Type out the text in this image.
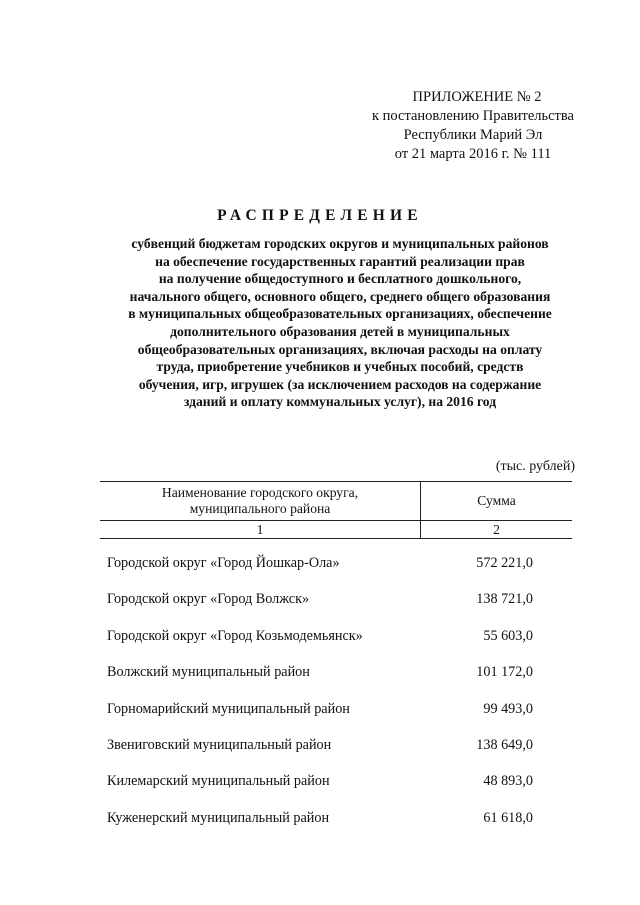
ПРИЛОЖЕНИЕ № 2
к постановлению Правительства
Республики Марий Эл
от 21 марта 2016 г. № 111
РАСПРЕДЕЛЕНИЕ
субвенций бюджетам городских округов и муниципальных районов
на обеспечение государственных гарантий реализации прав
на получение общедоступного и бесплатного дошкольного,
начального общего, основного общего, среднего общего образования
в муниципальных общеобразовательных организациях, обеспечение
дополнительного образования детей в муниципальных
общеобразовательных организациях, включая расходы на оплату
труда, приобретение учебников и учебных пособий, средств
обучения, игр, игрушек (за исключением расходов на содержание
зданий и оплату коммунальных услуг), на 2016 год
(тыс. рублей)
Наименование городского округа,
муниципального района
Сумма
1	2
Городской округ «Город Йошкар-Ола»	572 221,0
Городской округ «Город Волжск»	138 721,0
Городской округ «Город Козьмодемьянск»	55 603,0
Волжский муниципальный район	101 172,0
Горномарийский муниципальный район	99 493,0
Звениговский муниципальный район	138 649,0
Килемарский муниципальный район	48 893,0
Куженерский муниципальный район	61 618,0
